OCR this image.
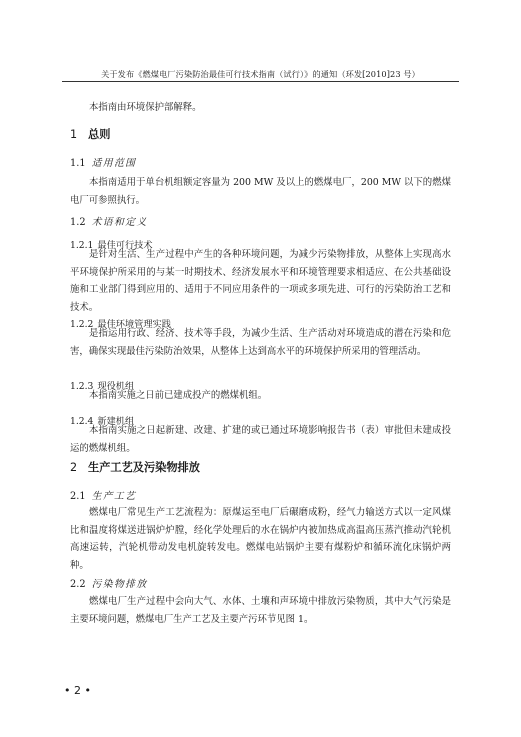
关于发布《燃煤电厂污染防治最佳可行技术指南（试行）》的通知（环发[2010]23 号）

本指南由环境保护部解释。

1 总则
1.1 适用范围

本指南适用于单台机组额定容量为 200 MW 及以上的燃煤电厂，200 MW 以下的燃煤电厂可参照执行。

1.2 术语和定义
1.2.1 最佳可行技术

是针对生活、生产过程中产生的各种环境问题，为减少污染物排放，从整体上实现高水平环境保护所采用的与某一时期技术、经济发展水平和环境管理要求相适应、在公共基础设施和工业部门得到应用的、适用于不同应用条件的一项或多项先进、可行的污染防治工艺和技术。

1.2.2 最佳环境管理实践

是指运用行政、经济、技术等手段，为减少生活、生产活动对环境造成的潜在污染和危害，确保实现最佳污染防治效果，从整体上达到高水平的环境保护所采用的管理活动。

1.2.3 现役机组

本指南实施之日前已建成投产的燃煤机组。

1.2.4 新建机组

本指南实施之日起新建、改建、扩建的或已通过环境影响报告书（表）审批但未建成投运的燃煤机组。

2 生产工艺及污染物排放
2.1 生产工艺

燃煤电厂常见生产工艺流程为：原煤运至电厂后碾磨成粉，经气力输送方式以一定风煤比和温度将煤送进锅炉炉膛，经化学处理后的水在锅炉内被加热成高温高压蒸汽推动汽轮机高速运转，汽轮机带动发电机旋转发电。燃煤电站锅炉主要有煤粉炉和循环流化床锅炉两种。

2.2 污染物排放

燃煤电厂生产过程中会向大气、水体、土壤和声环境中排放污染物质，其中大气污染是主要环境问题，燃煤电厂生产工艺及主要产污环节见图 1。

• 2 •
